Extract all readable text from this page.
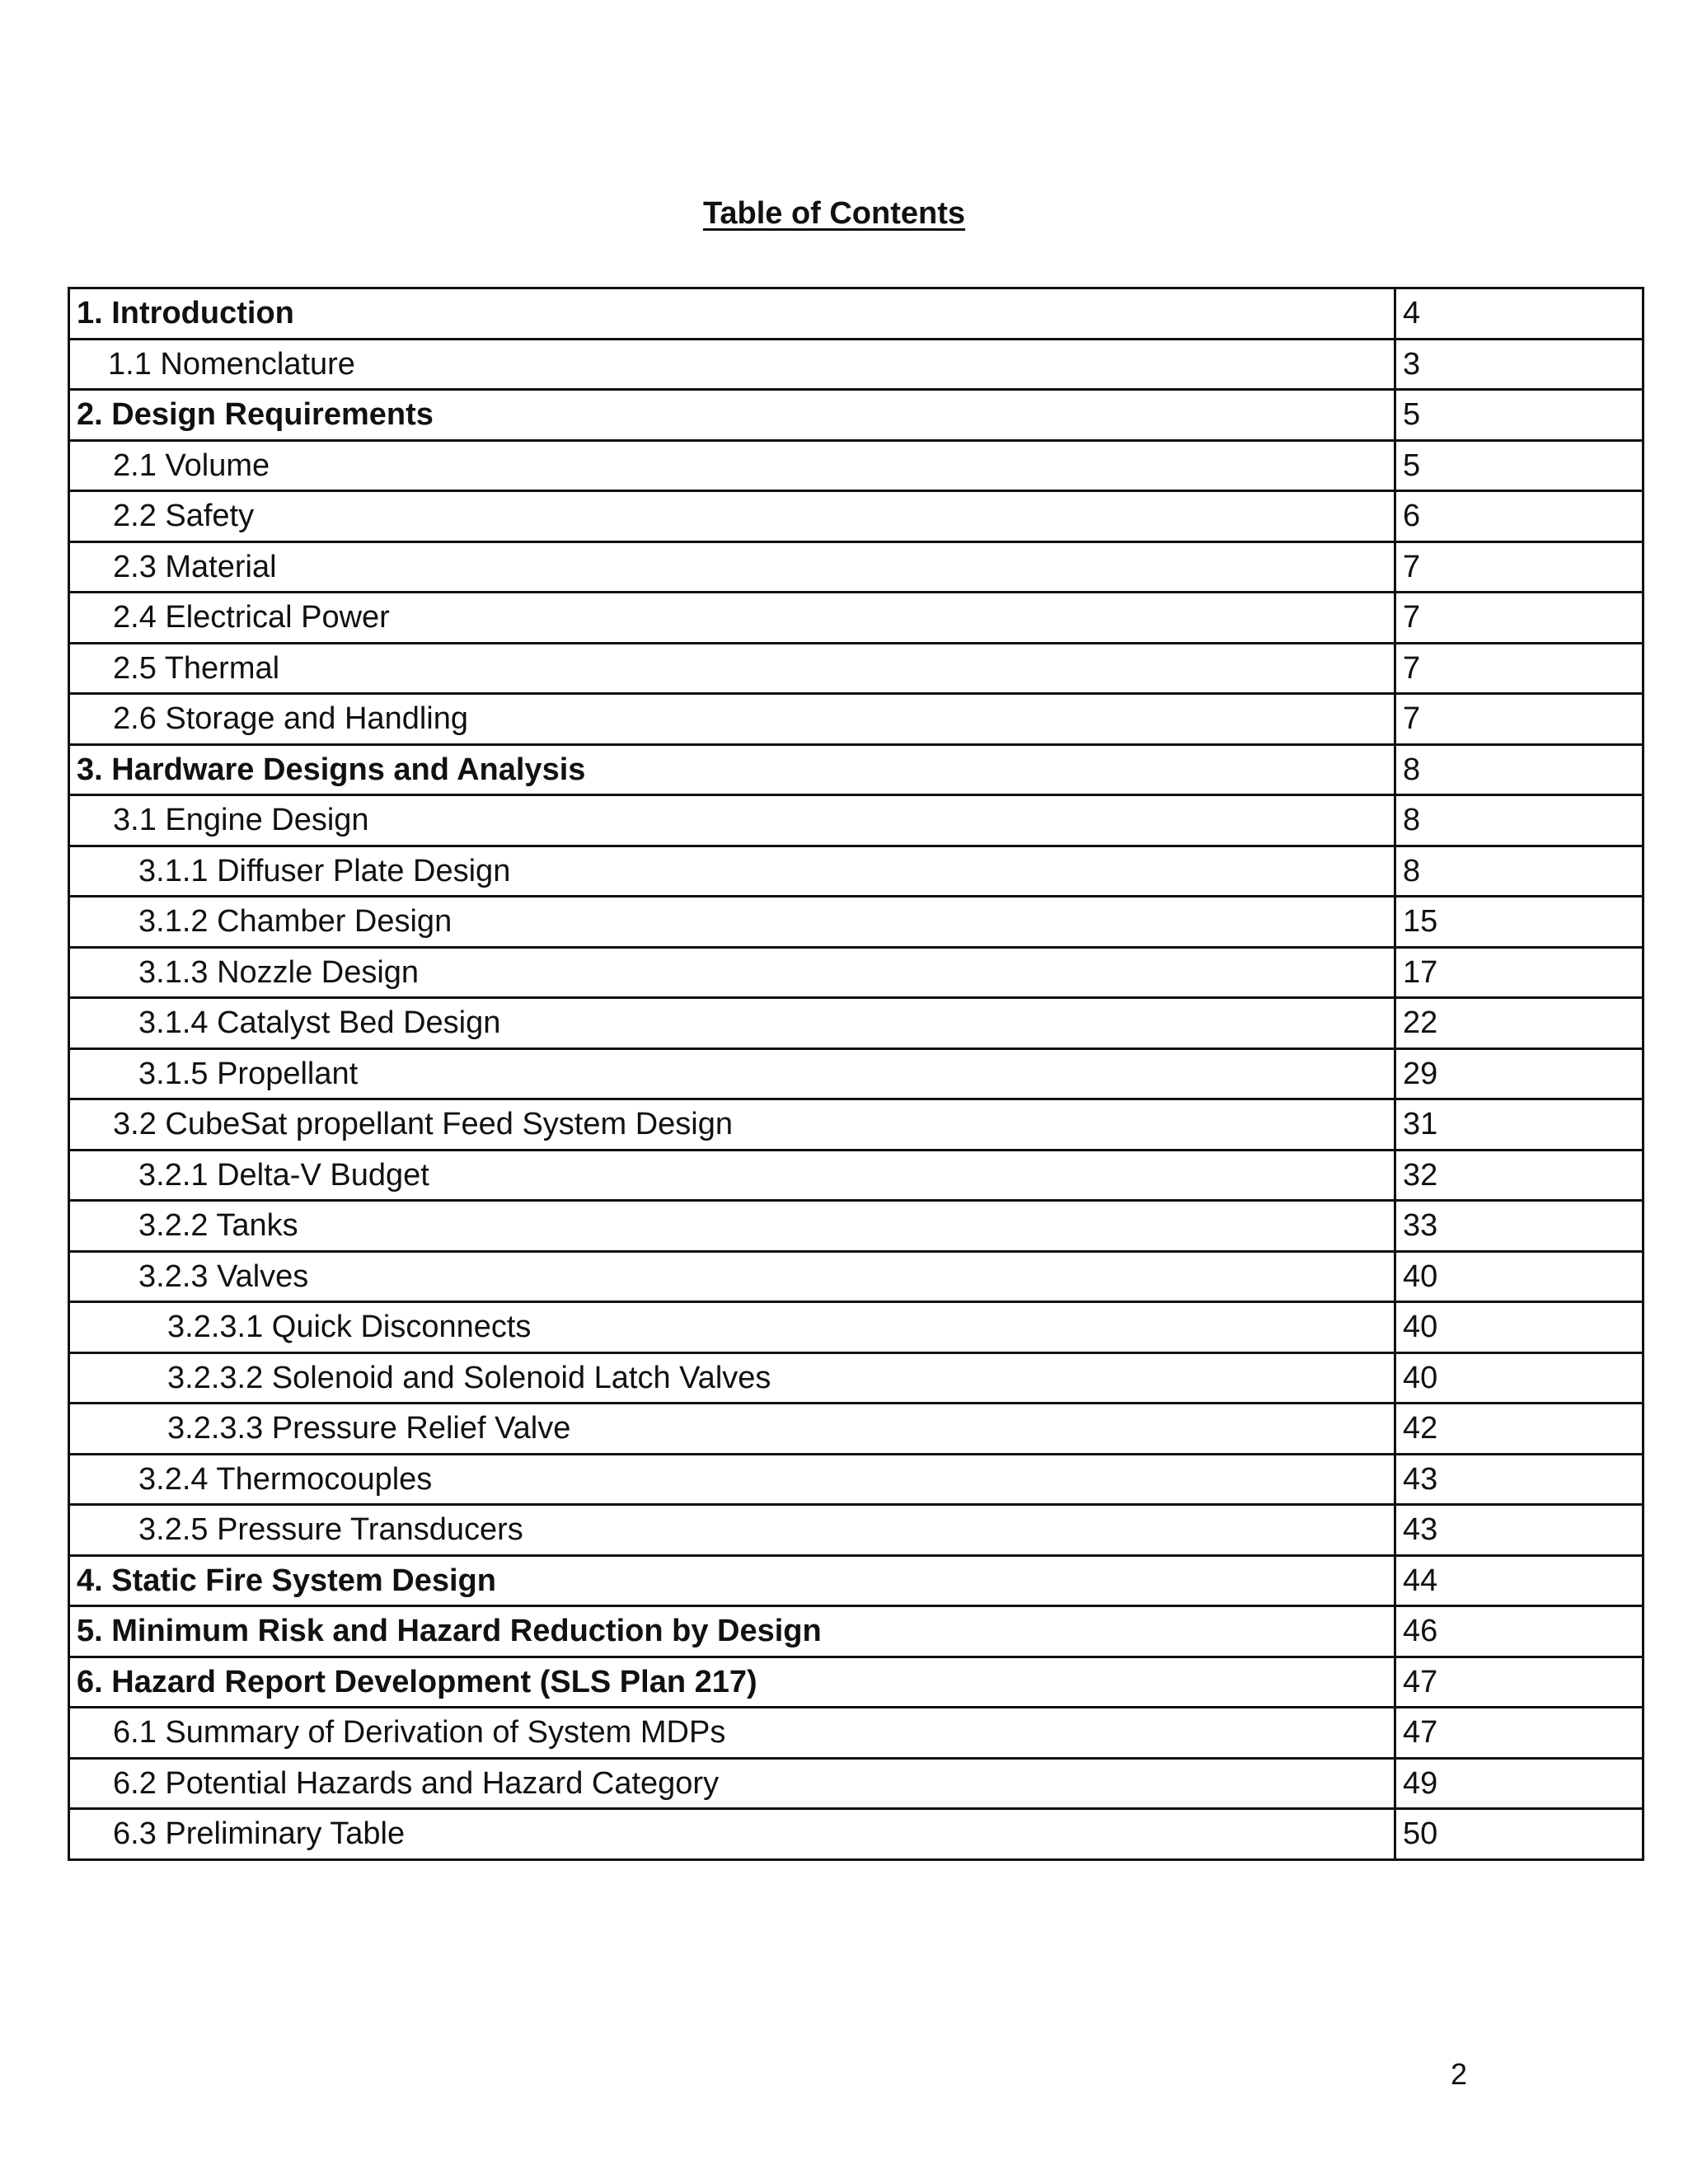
Table of Contents
1. Introduction	4
1.1 Nomenclature	3
2. Design Requirements	5
2.1 Volume	5
2.2 Safety	6
2.3 Material	7
2.4 Electrical Power	7
2.5 Thermal	7
2.6 Storage and Handling	7
3. Hardware Designs and Analysis	8
3.1 Engine Design	8
3.1.1 Diffuser Plate Design	8
3.1.2 Chamber Design	15
3.1.3 Nozzle Design	17
3.1.4 Catalyst Bed Design	22
3.1.5 Propellant	29
3.2 CubeSat propellant Feed System Design	31
3.2.1 Delta-V Budget	32
3.2.2 Tanks	33
3.2.3 Valves	40
3.2.3.1 Quick Disconnects	40
3.2.3.2 Solenoid and Solenoid Latch Valves	40
3.2.3.3 Pressure Relief Valve	42
3.2.4 Thermocouples	43
3.2.5 Pressure Transducers	43
4. Static Fire System Design	44
5. Minimum Risk and Hazard Reduction by Design	46
6. Hazard Report Development (SLS Plan 217)	47
6.1 Summary of Derivation of System MDPs	47
6.2 Potential Hazards and Hazard Category	49
6.3 Preliminary Table	50
2
